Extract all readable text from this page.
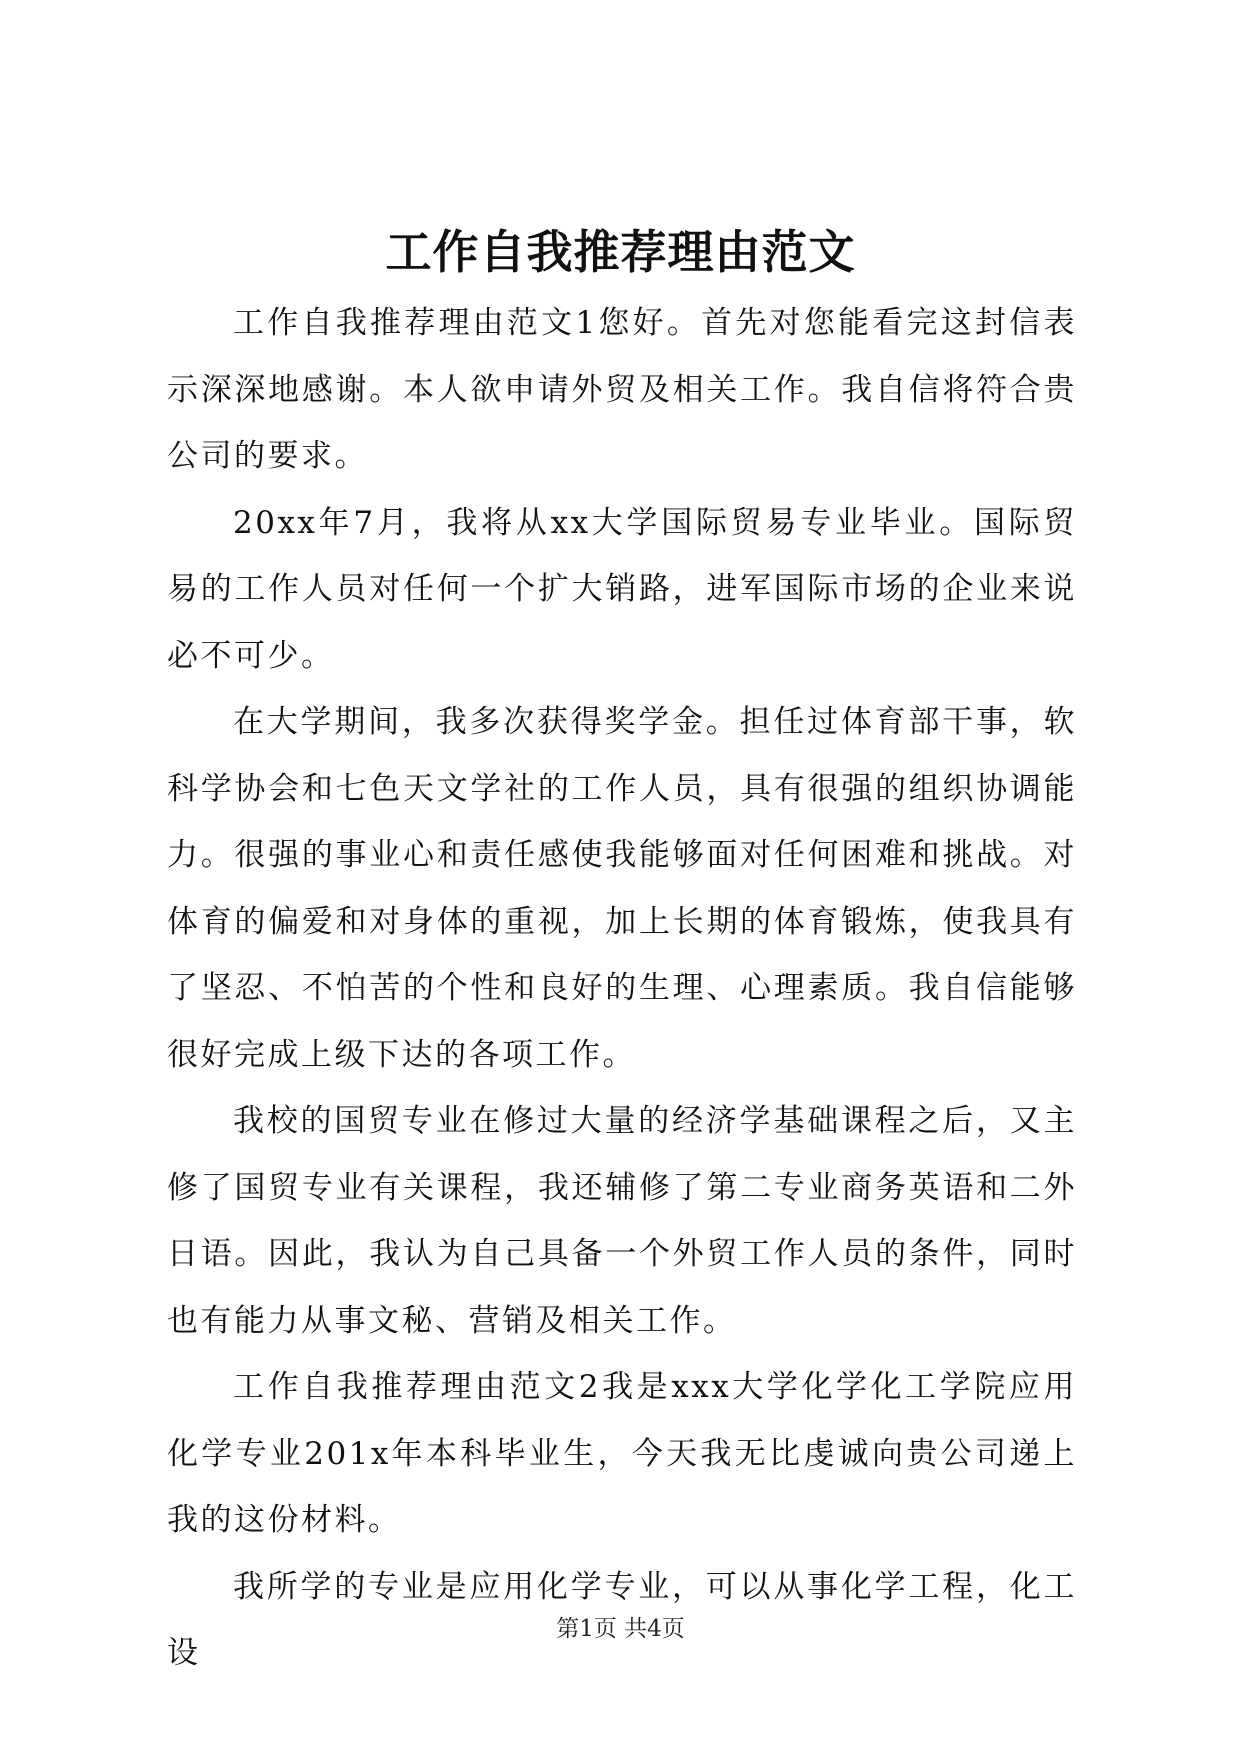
工作自我推荐理由范文

工作自我推荐理由范文1您好。首先对您能看完这封信表示深深地感谢。本人欲申请外贸及相关工作。我自信将符合贵公司的要求。

20xx年7月，我将从xx大学国际贸易专业毕业。国际贸易的工作人员对任何一个扩大销路，进军国际市场的企业来说必不可少。

在大学期间，我多次获得奖学金。担任过体育部干事，软科学协会和七色天文学社的工作人员，具有很强的组织协调能力。很强的事业心和责任感使我能够面对任何困难和挑战。对体育的偏爱和对身体的重视，加上长期的体育锻炼，使我具有了坚忍、不怕苦的个性和良好的生理、心理素质。我自信能够很好完成上级下达的各项工作。

我校的国贸专业在修过大量的经济学基础课程之后，又主修了国贸专业有关课程，我还辅修了第二专业商务英语和二外日语。因此，我认为自己具备一个外贸工作人员的条件，同时也有能力从事文秘、营销及相关工作。

工作自我推荐理由范文2我是xxx大学化学化工学院应用化学专业201x年本科毕业生，今天我无比虔诚向贵公司递上我的这份材料。

我所学的专业是应用化学专业，可以从事化学工程，化工设

第1页 共4页
